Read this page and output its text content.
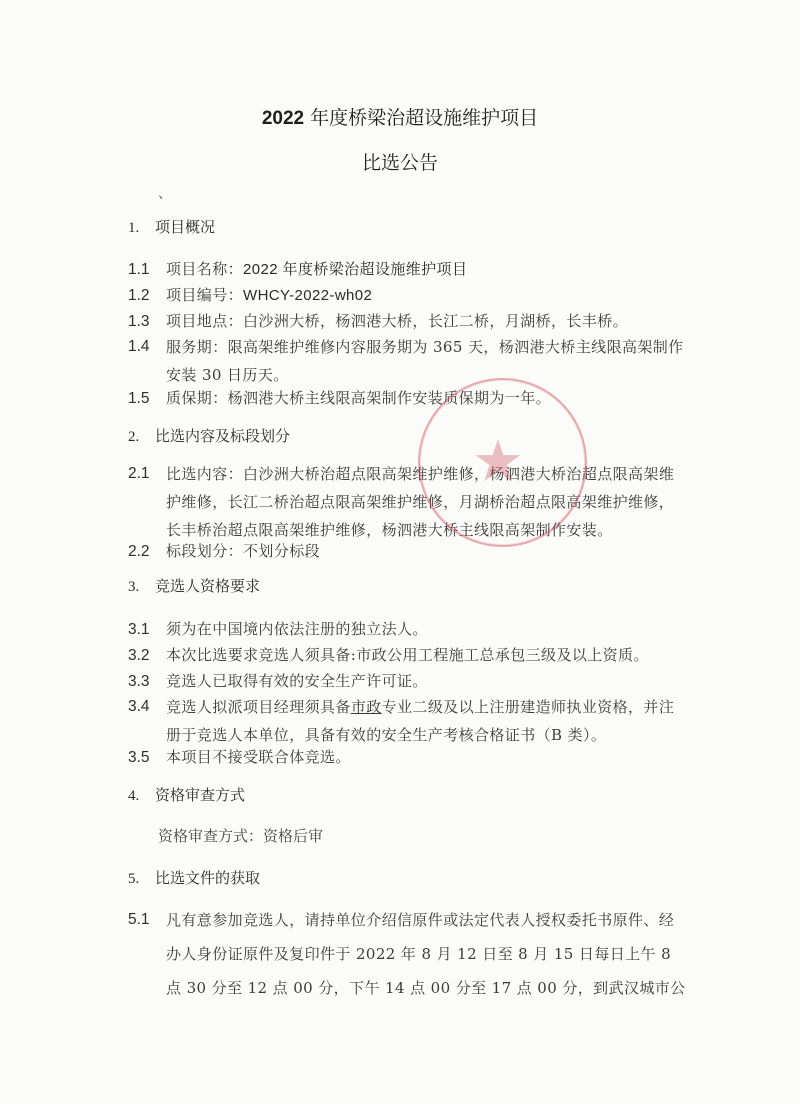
2022 年度桥梁治超设施维护项目
比选公告
、
1. 项目概况
1.1 项目名称：2022 年度桥梁治超设施维护项目
1.2 项目编号：WHCY-2022-wh02
1.3 项目地点：白沙洲大桥，杨泗港大桥，长江二桥，月湖桥，长丰桥。
1.4 服务期：限高架维护维修内容服务期为 365 天，杨泗港大桥主线限高架制作安装 30 日历天。
1.5 质保期：杨泗港大桥主线限高架制作安装质保期为一年。
2. 比选内容及标段划分
2.1 比选内容：白沙洲大桥治超点限高架维护维修，杨泗港大桥治超点限高架维护维修，长江二桥治超点限高架维护维修，月湖桥治超点限高架维护维修，长丰桥治超点限高架维护维修，杨泗港大桥主线限高架制作安装。
2.2 标段划分：不划分标段
3. 竞选人资格要求
3.1 须为在中国境内依法注册的独立法人。
3.2 本次比选要求竞选人须具备:市政公用工程施工总承包三级及以上资质。
3.3 竞选人已取得有效的安全生产许可证。
3.4 竞选人拟派项目经理须具备市政专业二级及以上注册建造师执业资格，并注册于竞选人本单位，具备有效的安全生产考核合格证书（B 类）。
3.5 本项目不接受联合体竞选。
4. 资格审查方式
资格审查方式：资格后审
5. 比选文件的获取
5.1 凡有意参加竞选人，请持单位介绍信原件或法定代表人授权委托书原件、经办人身份证原件及复印件于 2022 年 8 月 12 日至 8 月 15 日每日上午 8 点 30 分至 12 点 00 分，下午 14 点 00 分至 17 点 00 分，到武汉城市公
★
